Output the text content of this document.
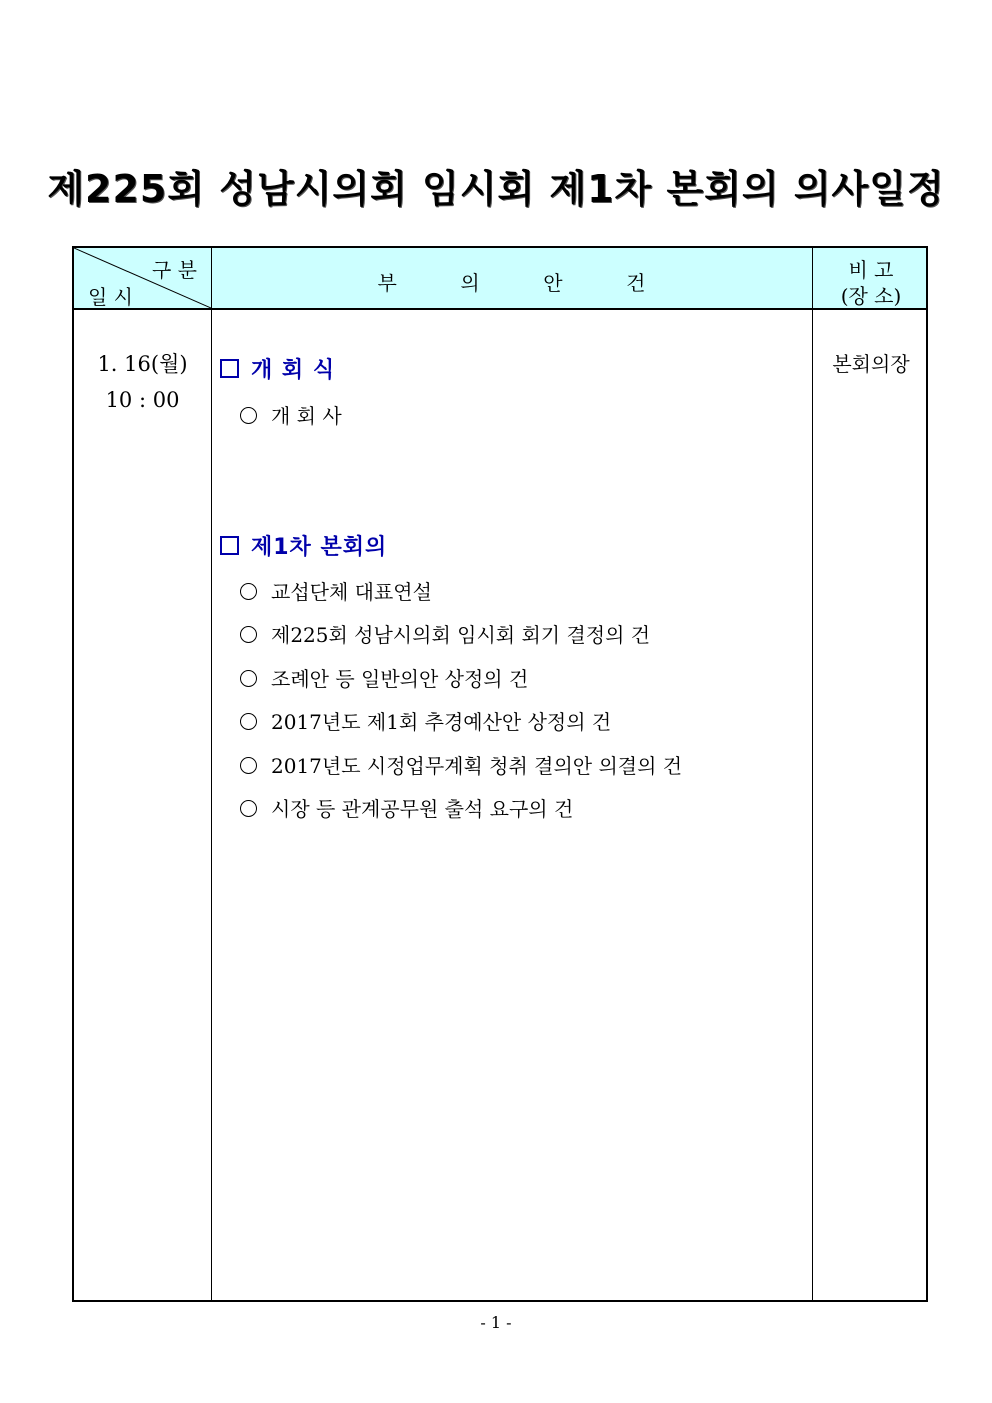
제225회 성남시의회 임시회 제1차 본회의 의사일정
구 분
일 시
부          의          안          건
비 고
(장 소)
1. 16(월)
10 : 00
개 회 식
개 회 사
제1차 본회의
교섭단체 대표연설
제225회 성남시의회 임시회 회기 결정의 건
조례안 등 일반의안 상정의 건
2017년도 제1회 추경예산안 상정의 건
2017년도 시정업무계획 청취 결의안 의결의 건
시장 등 관계공무원 출석 요구의 건
본회의장
- 1 -
